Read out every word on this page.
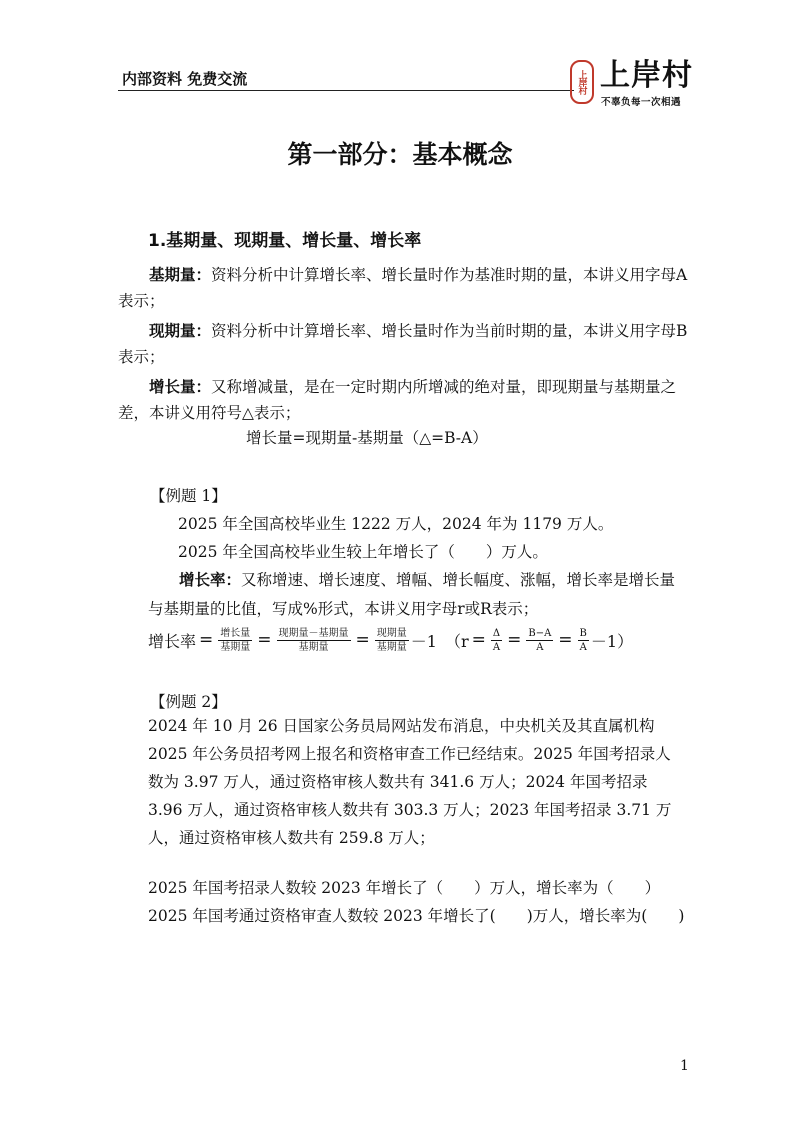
内部资料 免费交流	上岸村 上岸村
不辜负每一次相遇
第一部分：基本概念
1.基期量、现期量、增长量、增长率
基期量：资料分析中计算增长率、增长量时作为基准时期的量，本讲义用字母A表示；
现期量：资料分析中计算增长率、增长量时作为当前时期的量，本讲义用字母B表示；
增长量：又称增减量，是在一定时期内所增减的绝对量，即现期量与基期量之差，本讲义用符号△表示；
增长量=现期量-基期量（△=B-A）
【例题 1】
2025 年全国高校毕业生 1222 万人，2024 年为 1179 万人。
2025 年全国高校毕业生较上年增长了（　　）万人。
增长率：又称增速、增长速度、增幅、增长幅度、涨幅，增长率是增长量与基期量的比值，写成%形式，本讲义用字母r或R表示；
增长率 = $\frac{\text{增长量}}{\text{基期量}} = \frac{\text{现期量－基期量}}{\text{基期量}} = \frac{\text{现期量}}{\text{基期量}} -1$ $(r = \frac{\Delta}{A} = \frac{B-A}{A} = \frac{B}{A} -1)$
【例题 2】
2024 年 10 月 26 日国家公务员局网站发布消息，中央机关及其直属机构 2025 年公务员招考网上报名和资格审查工作已经结束。2025 年国考招录人数为 3.97 万人，通过资格审核人数共有 341.6 万人；2024 年国考招录 3.96 万人，通过资格审核人数共有 303.3 万人；2023 年国考招录 3.71 万人，通过资格审核人数共有 259.8 万人；
2025 年国考招录人数较 2023 年增长了（　　）万人，增长率为（　　）
2025 年国考通过资格审查人数较 2023 年增长了(　　)万人，增长率为(　　)
1
